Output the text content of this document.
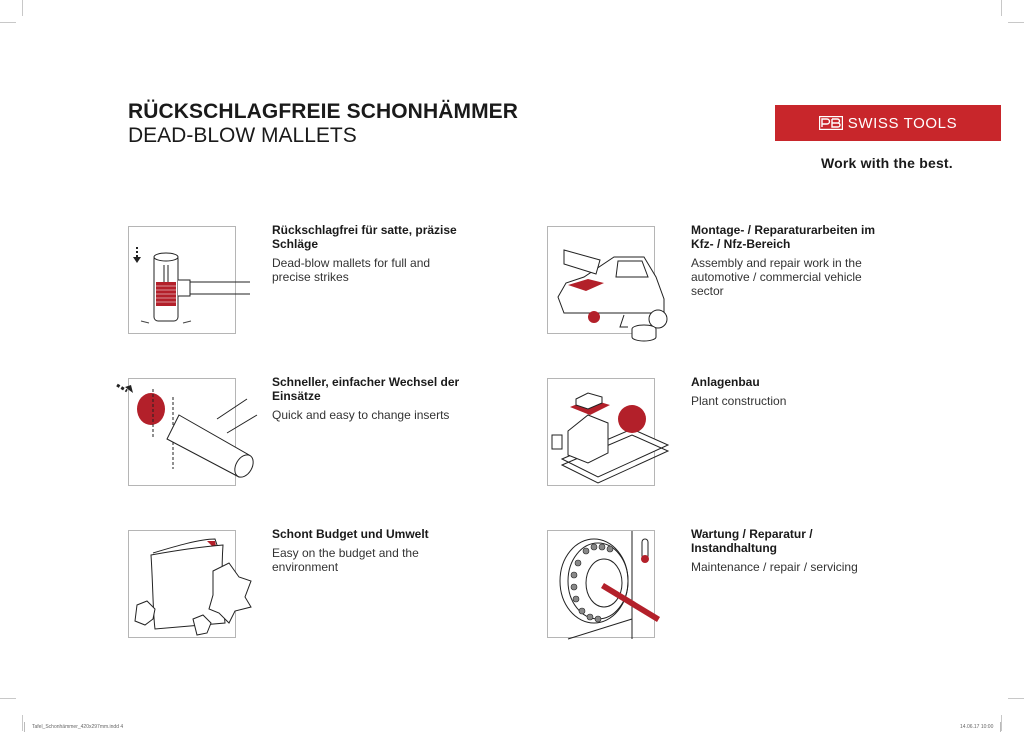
RÜCKSCHLAGFREIE SCHONHÄMMER
DEAD-BLOW MALLETS
SWISS TOOLS
Work with the best.
Rückschlagfrei für satte, präzise Schläge
Dead-blow mallets for full and precise strikes
Montage- / Reparaturarbeiten im Kfz- / Nfz-Bereich
Assembly and repair work in the automotive / commercial vehicle sector
Schneller, einfacher Wechsel der Einsätze
Quick and easy to change inserts
Anlagenbau
Plant construction
Schont Budget und Umwelt
Easy on the budget and the environment
Wartung / Reparatur / Instandhaltung
Maintenance / repair / servicing
Tafel_Schonhämmer_420x297mm.indd 4	14.06.17 10:00
